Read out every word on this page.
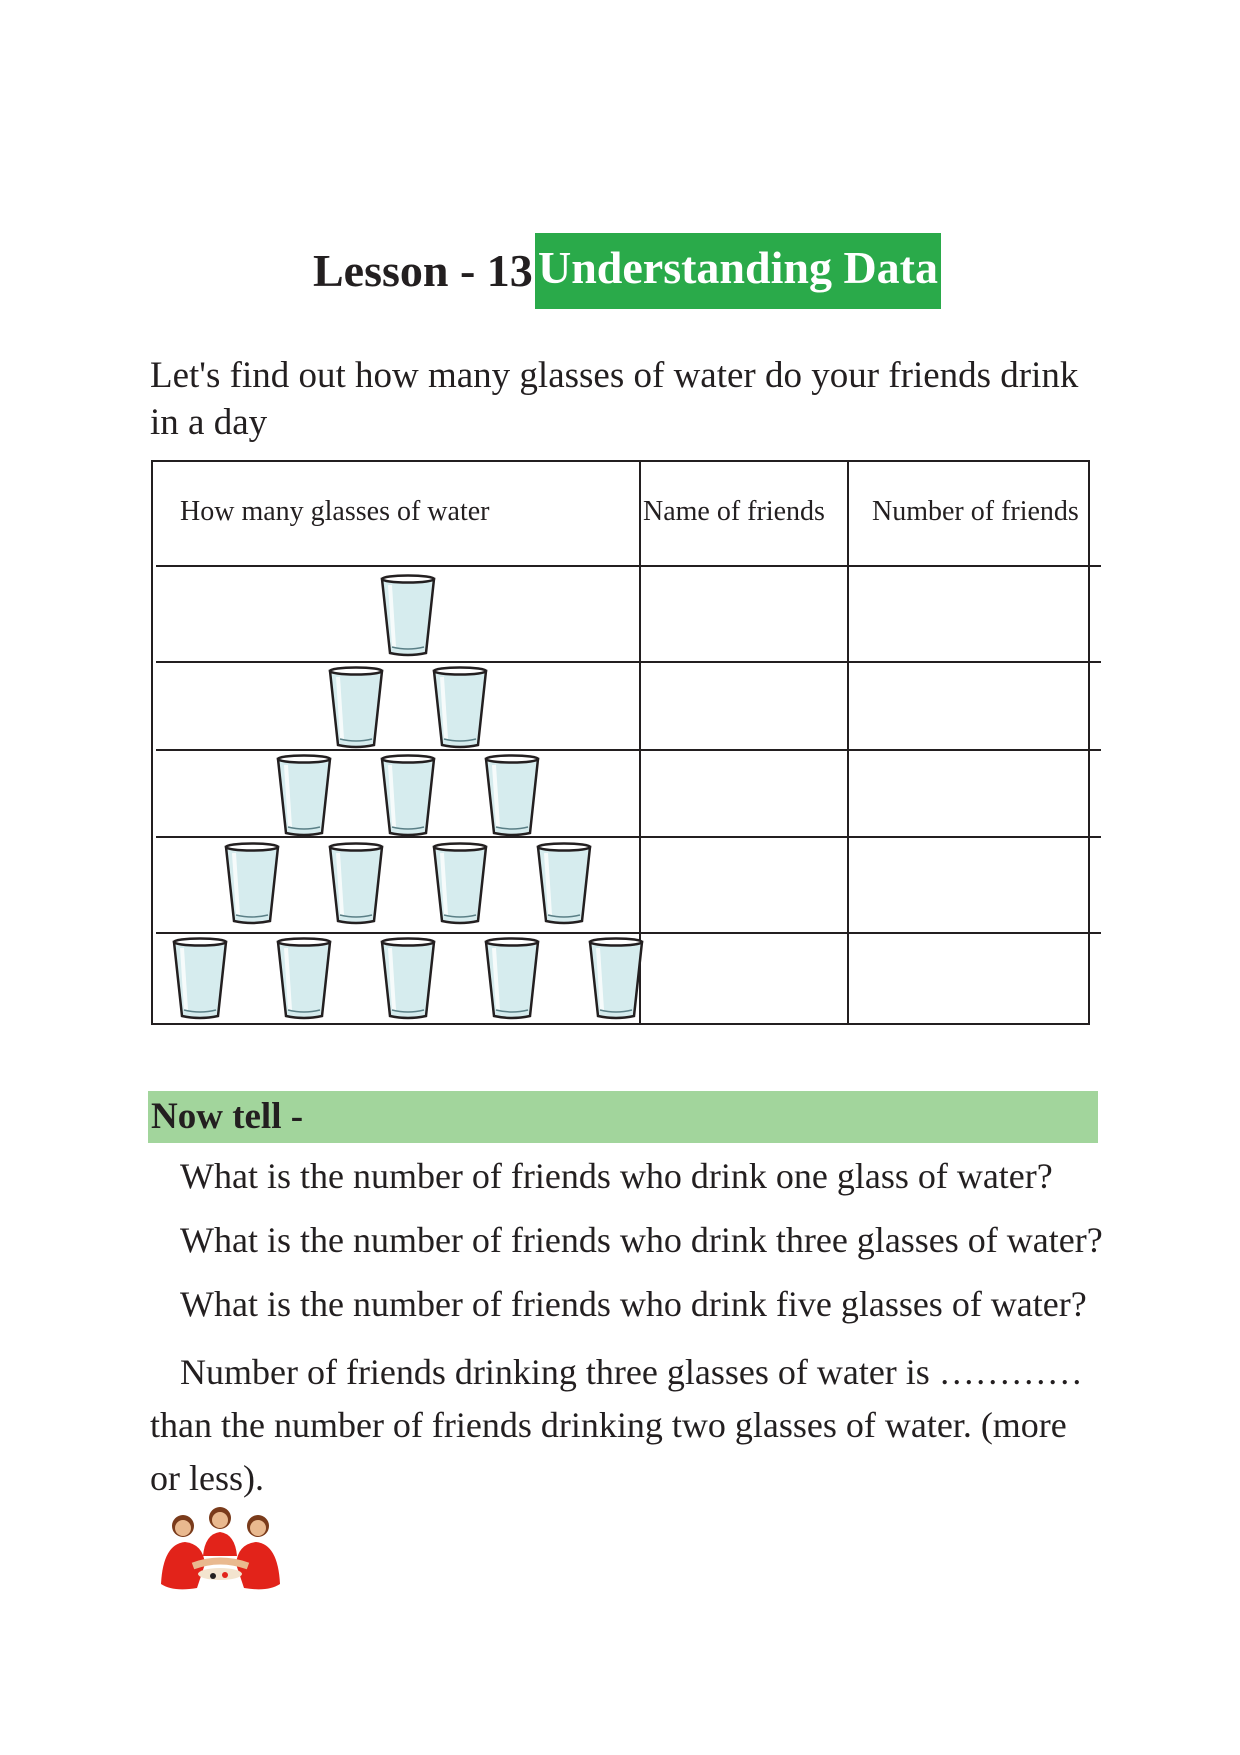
Lesson - 13 Understanding Data
Let's find out how many glasses of water do your friends drink in a day
How many glasses of water	Name of friends Number of friends
Now tell -
What is the number of friends who drink one glass of water?
What is the number of friends who drink three glasses of water?
What is the number of friends who drink five glasses of water?
Number of friends drinking three glasses of water is ………… than the number of friends drinking two glasses of water. (more or less).
